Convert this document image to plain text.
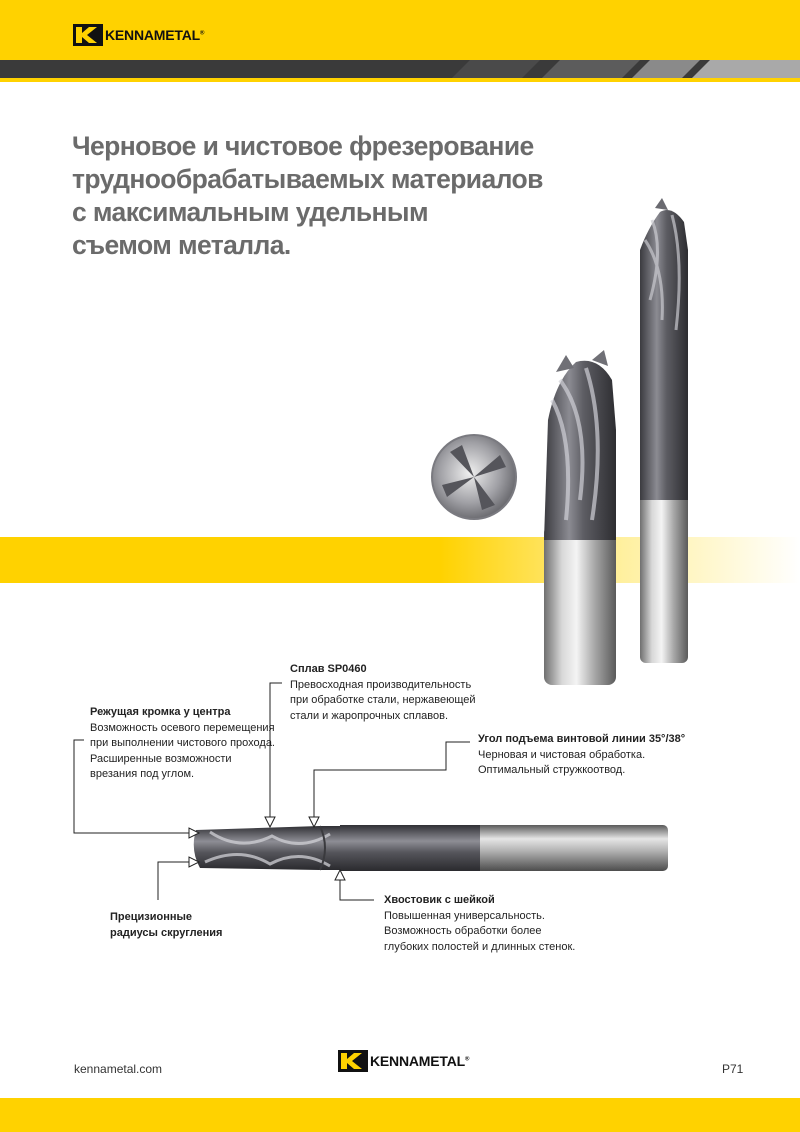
KENNAMETAL®
Черновое и чистовое фрезерование
труднообрабатываемых материалов
с максимальным удельным
съемом металла.
Сплав SP0460
Превосходная производительность
при обработке стали, нержавеющей
стали и жаропрочных сплавов.
Режущая кромка у центра
Возможность осевого перемещения
при выполнении чистового прохода.
Расширенные возможности
врезания под углом.
Угол подъема винтовой линии 35°/38°
Черновая и чистовая обработка.
Оптимальный стружкоотвод.
Хвостовик с шейкой
Повышенная универсальность.
Возможность обработки более
глубоких полостей и длинных стенок.
Прецизионные
радиусы скругления
kennametal.com	KENNAMETAL®
P71
